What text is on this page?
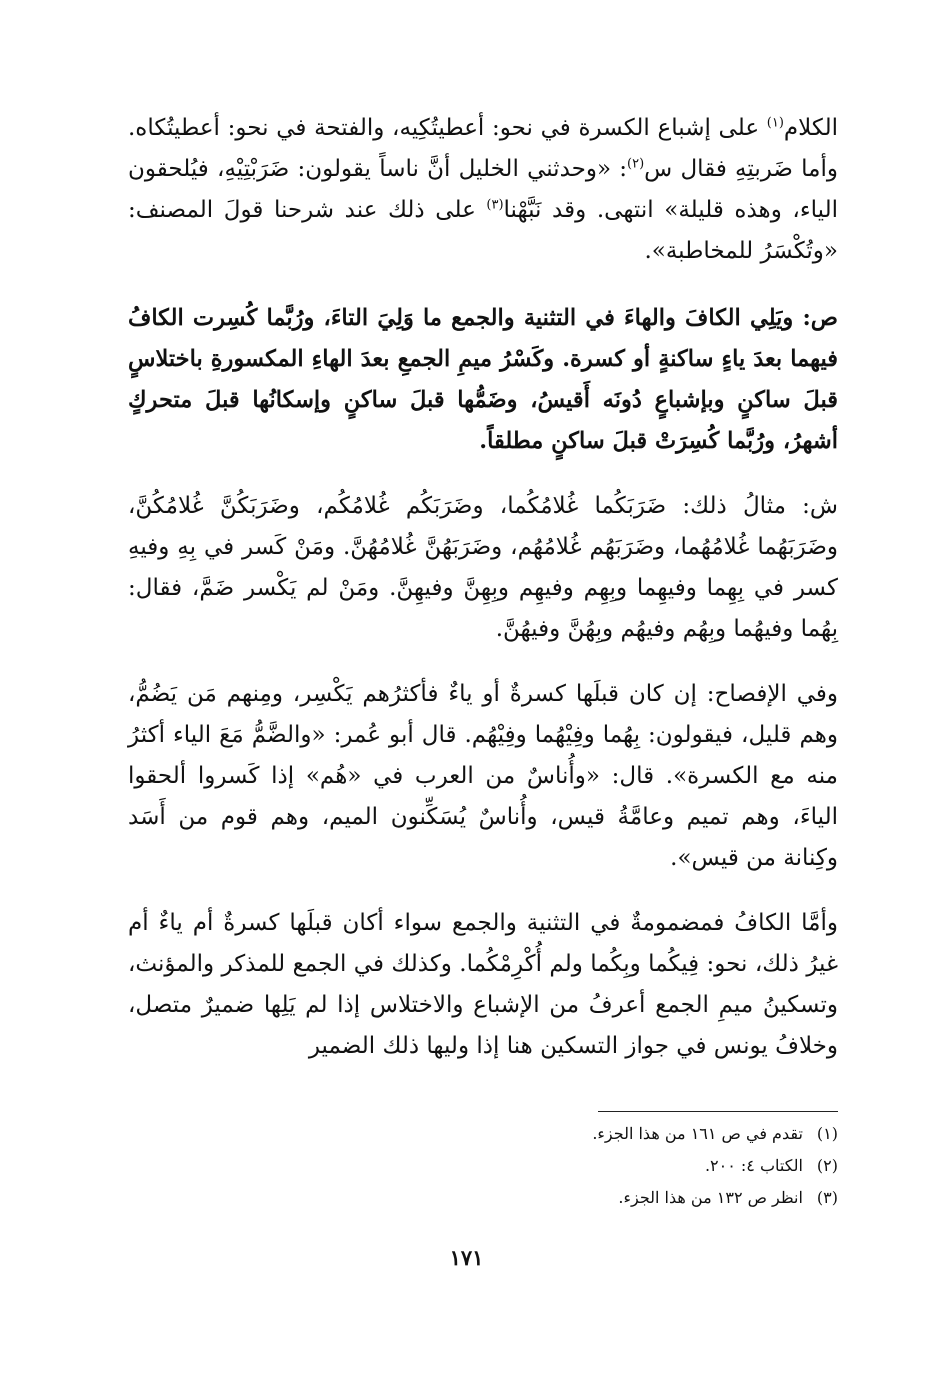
الكلام$^{(١)}$ على إشباع الكسرة في نحو: أعطيتُكِيه، والفتحة في نحو: أعطيتُكاه. وأما ضَربتِهِ فقال س$^{(٢)}$: «وحدثني الخليل أنَّ ناساً يقولون: ضَرَبْتِيْهِ، فيُلحقون الياء، وهذه قليلة» انتهى. وقد نَبَّهْنا$^{(٣)}$ على ذلك عند شرحنا قولَ المصنف: «وتُكْسَرُ للمخاطبة».

ص: ويَلِي الكافَ والهاءَ في التثنية والجمع ما وَلِيَ التاءَ، ورُبَّما كُسِرت الكافُ فيهما بعدَ ياءٍ ساكنةٍ أو كسرة. وكَسْرُ ميمِ الجمعِ بعدَ الهاءِ المكسورةِ باختلاسٍ قبلَ ساكنٍ وبإشباعٍ دُونَه أَقيسُ، وضَمُّها قبلَ ساكنٍ وإسكانُها قبلَ متحركٍ أشهرُ، ورُبَّما كُسِرَتْ قبلَ ساكنٍ مطلقاً.

ش: مثالُ ذلك: ضَرَبَكُما غُلامُكُما، وضَرَبَكُم غُلامُكُم، وضَرَبَكُنَّ غُلامُكُنَّ، وضَرَبَهُما غُلامُهُما، وضَرَبَهُم غُلامُهُم، وضَرَبَهُنَّ غُلامُهُنَّ. ومَنْ كَسر في بِهِ وفيهِ كسر في بِهِما وفيهِما وبِهِم وفيهِم وبِهِنَّ وفيهِنَّ. ومَنْ لم يَكْسر ضَمَّ، فقال: بِهُما وفيهُما وبِهُم وفيهُم وبِهُنَّ وفيهُنَّ.

وفي الإفصاح: إن كان قبلَها كسرةٌ أو ياءٌ فأكثرُهم يَكْسِر، ومِنهم مَن يَضُمُّ، وهم قليل، فيقولون: بِهُما وفِيْهُما وفِيْهُم. قال أبو عُمر: «والضَّمُّ مَعَ الياء أكثرُ منه مع الكسرة». قال: «وأُناسٌ من العرب في «هُم» إذا كَسروا ألحقوا الياءَ، وهم تميم وعامَّةُ قيس، وأُناسٌ يُسَكِّنون الميم، وهم قوم من أَسَد وكِنانة من قيس».

وأمَّا الكافُ فمضمومةٌ في التثنية والجمع سواء أكان قبلَها كسرةٌ أم ياءٌ أم غيرُ ذلك، نحو: فِيكُما وبِكُما ولم أُكْرِمْكُما. وكذلك في الجمع للمذكر والمؤنث، وتسكينُ ميمِ الجمع أعرفُ من الإشباع والاختلاس إذا لم يَلِها ضميرٌ متصل، وخلافُ يونس في جواز التسكين هنا إذا وليها ذلك الضمير

(١) تقدم في ص ١٦١ من هذا الجزء.

(٢) الكتاب ٤: ٢٠٠.

(٣) انظر ص ١٣٢ من هذا الجزء.

١٧١
